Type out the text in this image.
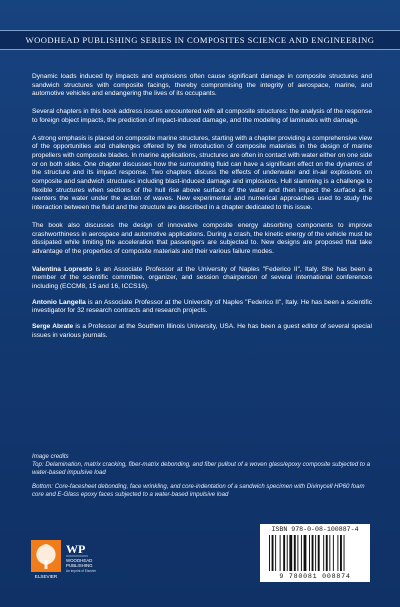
WOODHEAD PUBLISHING SERIES IN COMPOSITES SCIENCE AND ENGINEERING

Dynamic loads induced by impacts and explosions often cause significant damage in composite structures and sandwich structures with composite facings, thereby compromising the integrity of aerospace, marine, and automotive vehicles and endangering the lives of its occupants.

Several chapters in this book address issues encountered with all composite structures: the analysis of the response to foreign object impacts, the prediction of impact-induced damage, and the modeling of laminates with damage.

A strong emphasis is placed on composite marine structures, starting with a chapter providing a comprehensive view of the opportunities and challenges offered by the introduction of composite materials in the design of marine propellers with composite blades. In marine applications, structures are often in contact with water either on one side or on both sides. One chapter discusses how the surrounding fluid can have a significant effect on the dynamics of the structure and its impact response. Two chapters discuss the effects of underwater and in-air explosions on composite and sandwich structures including blast-induced damage and implosions. Hull slamming is a challenge to flexible structures when sections of the hull rise above surface of the water and then impact the surface as it reenters the water under the action of waves. New experimental and numerical approaches used to study the interaction between the fluid and the structure are described in a chapter dedicated to this issue.

The book also discusses the design of innovative composite energy absorbing components to improve crashworthiness in aerospace and automotive applications. During a crash, the kinetic energy of the vehicle must be dissipated while limiting the acceleration that passengers are subjected to. New designs are proposed that take advantage of the properties of composite materials and their various failure modes.

Valentina Lopresto is an Associate Professor at the University of Naples "Federico II", Italy. She has been a member of the scientific committee, organizer, and session chairperson of several international conferences including (ECCM8, 15 and 16, ICCS16).

Antonio Langella is an Associate Professor at the University of Naples "Federico II", Italy. He has been a scientific investigator for 32 research contracts and research projects.

Serge Abrate is a Professor at the Southern Illinois University, USA. He has been a guest editor of several special issues in various journals.

Image credits
Top: Delamination, matrix cracking, fiber-matrix debonding, and fiber pullout of a woven glass/epoxy composite subjected to a water-based impulsive load
Bottom: Core-facesheet debonding, face wrinkling, and core-indentation of a sandwich specimen with Divinycell HP60 foam core and E-Glass epoxy faces subjected to a water-based impulsive load
ELSEVIER
WP
WOODHEAD
PUBLISHING
An imprint of Elsevier
ISBN 978-0-08-100887-4
9 780081 008874
